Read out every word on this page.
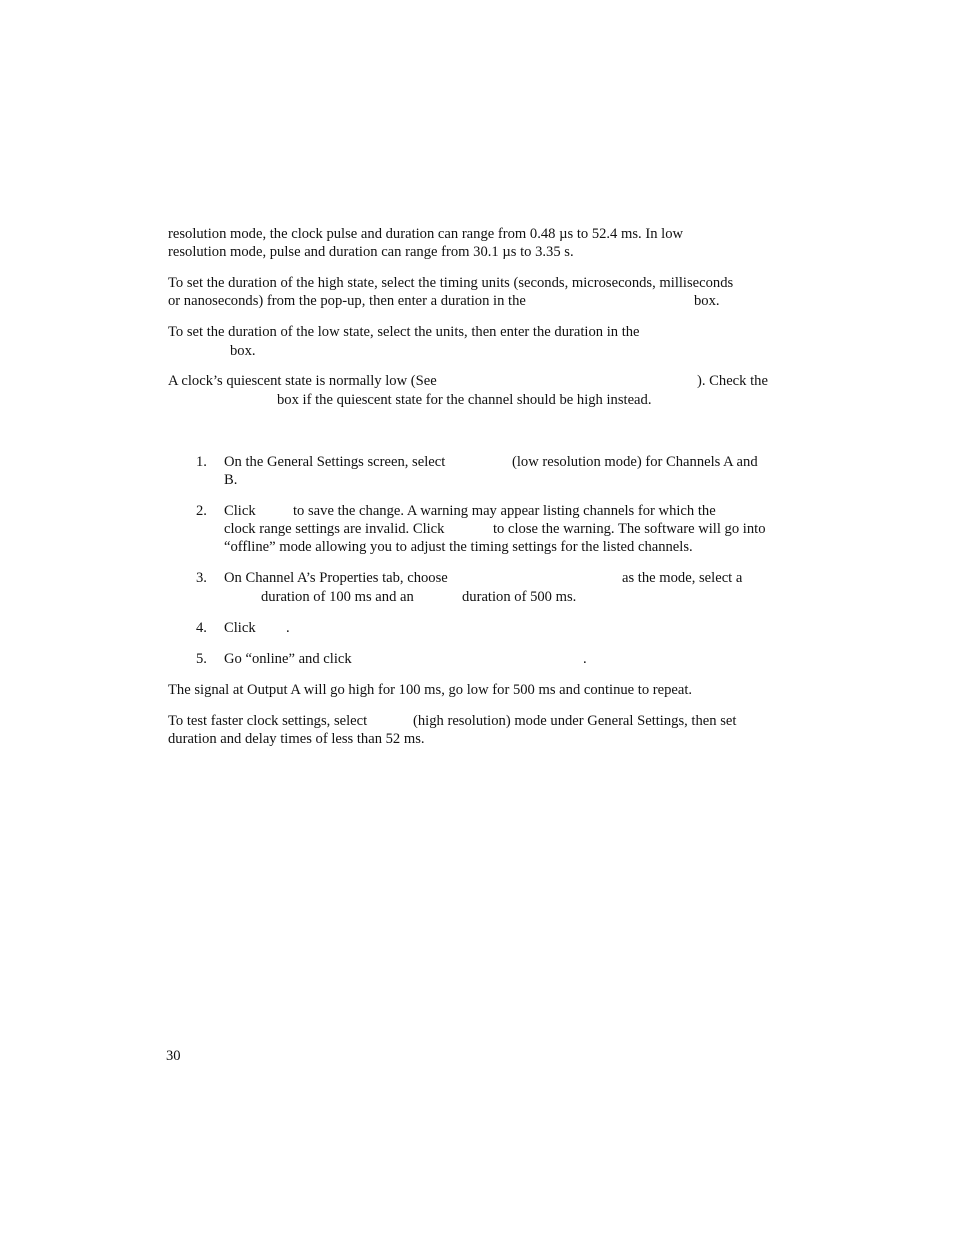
resolution mode, the clock pulse and duration can range from 0.48 µs to 52.4 ms. In low
resolution mode, pulse and duration can range from 30.1 µs to 3.35 s.
To set the duration of the high state, select the timing units (seconds, microseconds, milliseconds
or nanoseconds) from the pop-up, then enter a duration in the	box.
To set the duration of the low state, select the units, then enter the duration in the
box.
A clock’s quiescent state is normally low (See	). Check the
box if the quiescent state for the channel should be high instead.
1. On the General Settings screen, select	(low resolution mode) for Channels A and
B.
2. Click	to save the change. A warning may appear listing channels for which the
clock range settings are invalid. Click	to close the warning. The software will go into
“offline” mode allowing you to adjust the timing settings for the listed channels.
3. On Channel A’s Properties tab, choose	as the mode, select a
duration of 100 ms and an	duration of 500 ms.
4. Click .
5. Go “online” and click	.
The signal at Output A will go high for 100 ms, go low for 500 ms and continue to repeat.
To test faster clock settings, select	(high resolution) mode under General Settings, then set
duration and delay times of less than 52 ms.
30
